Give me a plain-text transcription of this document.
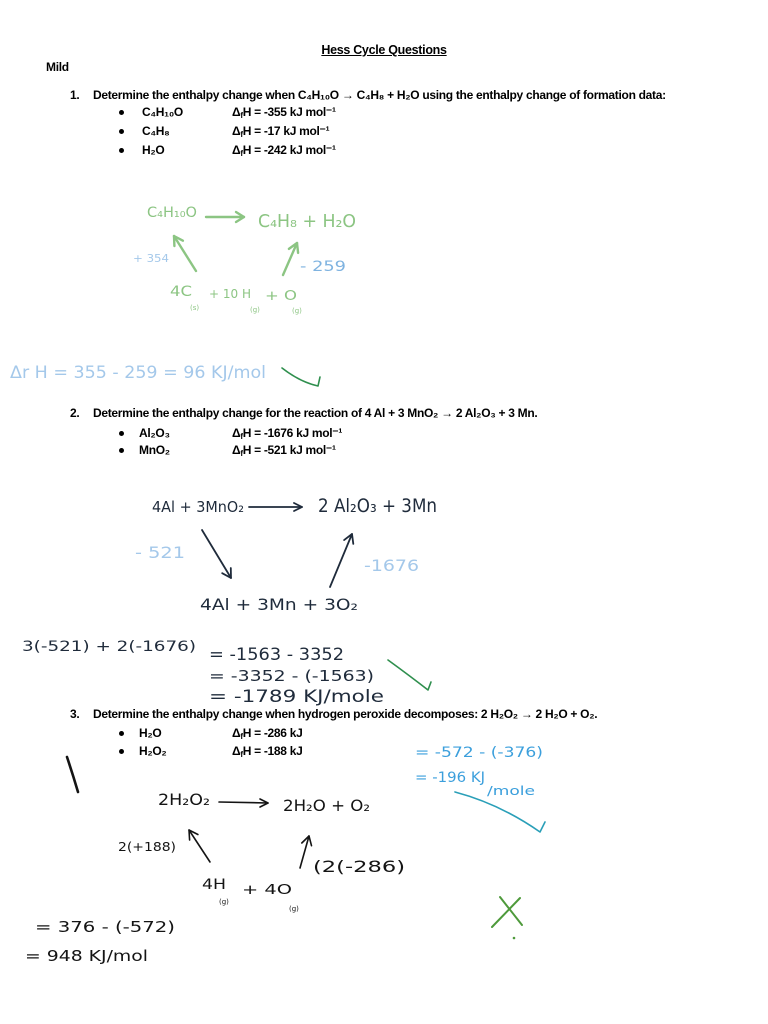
Hess Cycle Questions
Mild
1. Determine the enthalpy change when C₄H₁₀O → C₄H₈ + H₂O using the enthalpy change of formation data:
C₄H₁₀O	$\Delta_fH = -355$ kJ mol⁻¹
C₄H₈	$\Delta_fH = -17$ kJ mol⁻¹
H₂O	$\Delta_fH = -242$ kJ mol⁻¹
2. Determine the enthalpy change for the reaction of 4 Al + 3 MnO₂ → 2 Al₂O₃ + 3 Mn.
Al₂O₃	$\Delta_fH = -1676$ kJ mol⁻¹
MnO₂	$\Delta_fH = -521$ kJ mol⁻¹
3. Determine the enthalpy change when hydrogen peroxide decomposes: 2 H₂O₂ → 2 H₂O + O₂.
H₂O	$\Delta_fH = -286$ kJ
H₂O₂	$\Delta_fH = -188$ kJ
C₄H₁₀O	C₄H₈ + H₂O
+ 354	- 259
4C
(s)
+ 10 H
(g)
+ O
(g)
Δr H = 355 - 259 = 96 KJ/mol
4Al + 3MnO₂	2 Al₂O₃ + 3Mn
- 521
-1676
4Al + 3Mn + 3O₂
3(-521) + 2(-1676) = -1563 - 3352
= -3352 - (-1563)
= -1789 KJ/mole
= -572 - (-376)
= -196 KJ
/mole
2H₂O₂	2H₂O + O₂
2(+188)
(2(-286)
4H
(g)
+ 4O
(g)
= 376 - (-572)
= 948 KJ/mol
